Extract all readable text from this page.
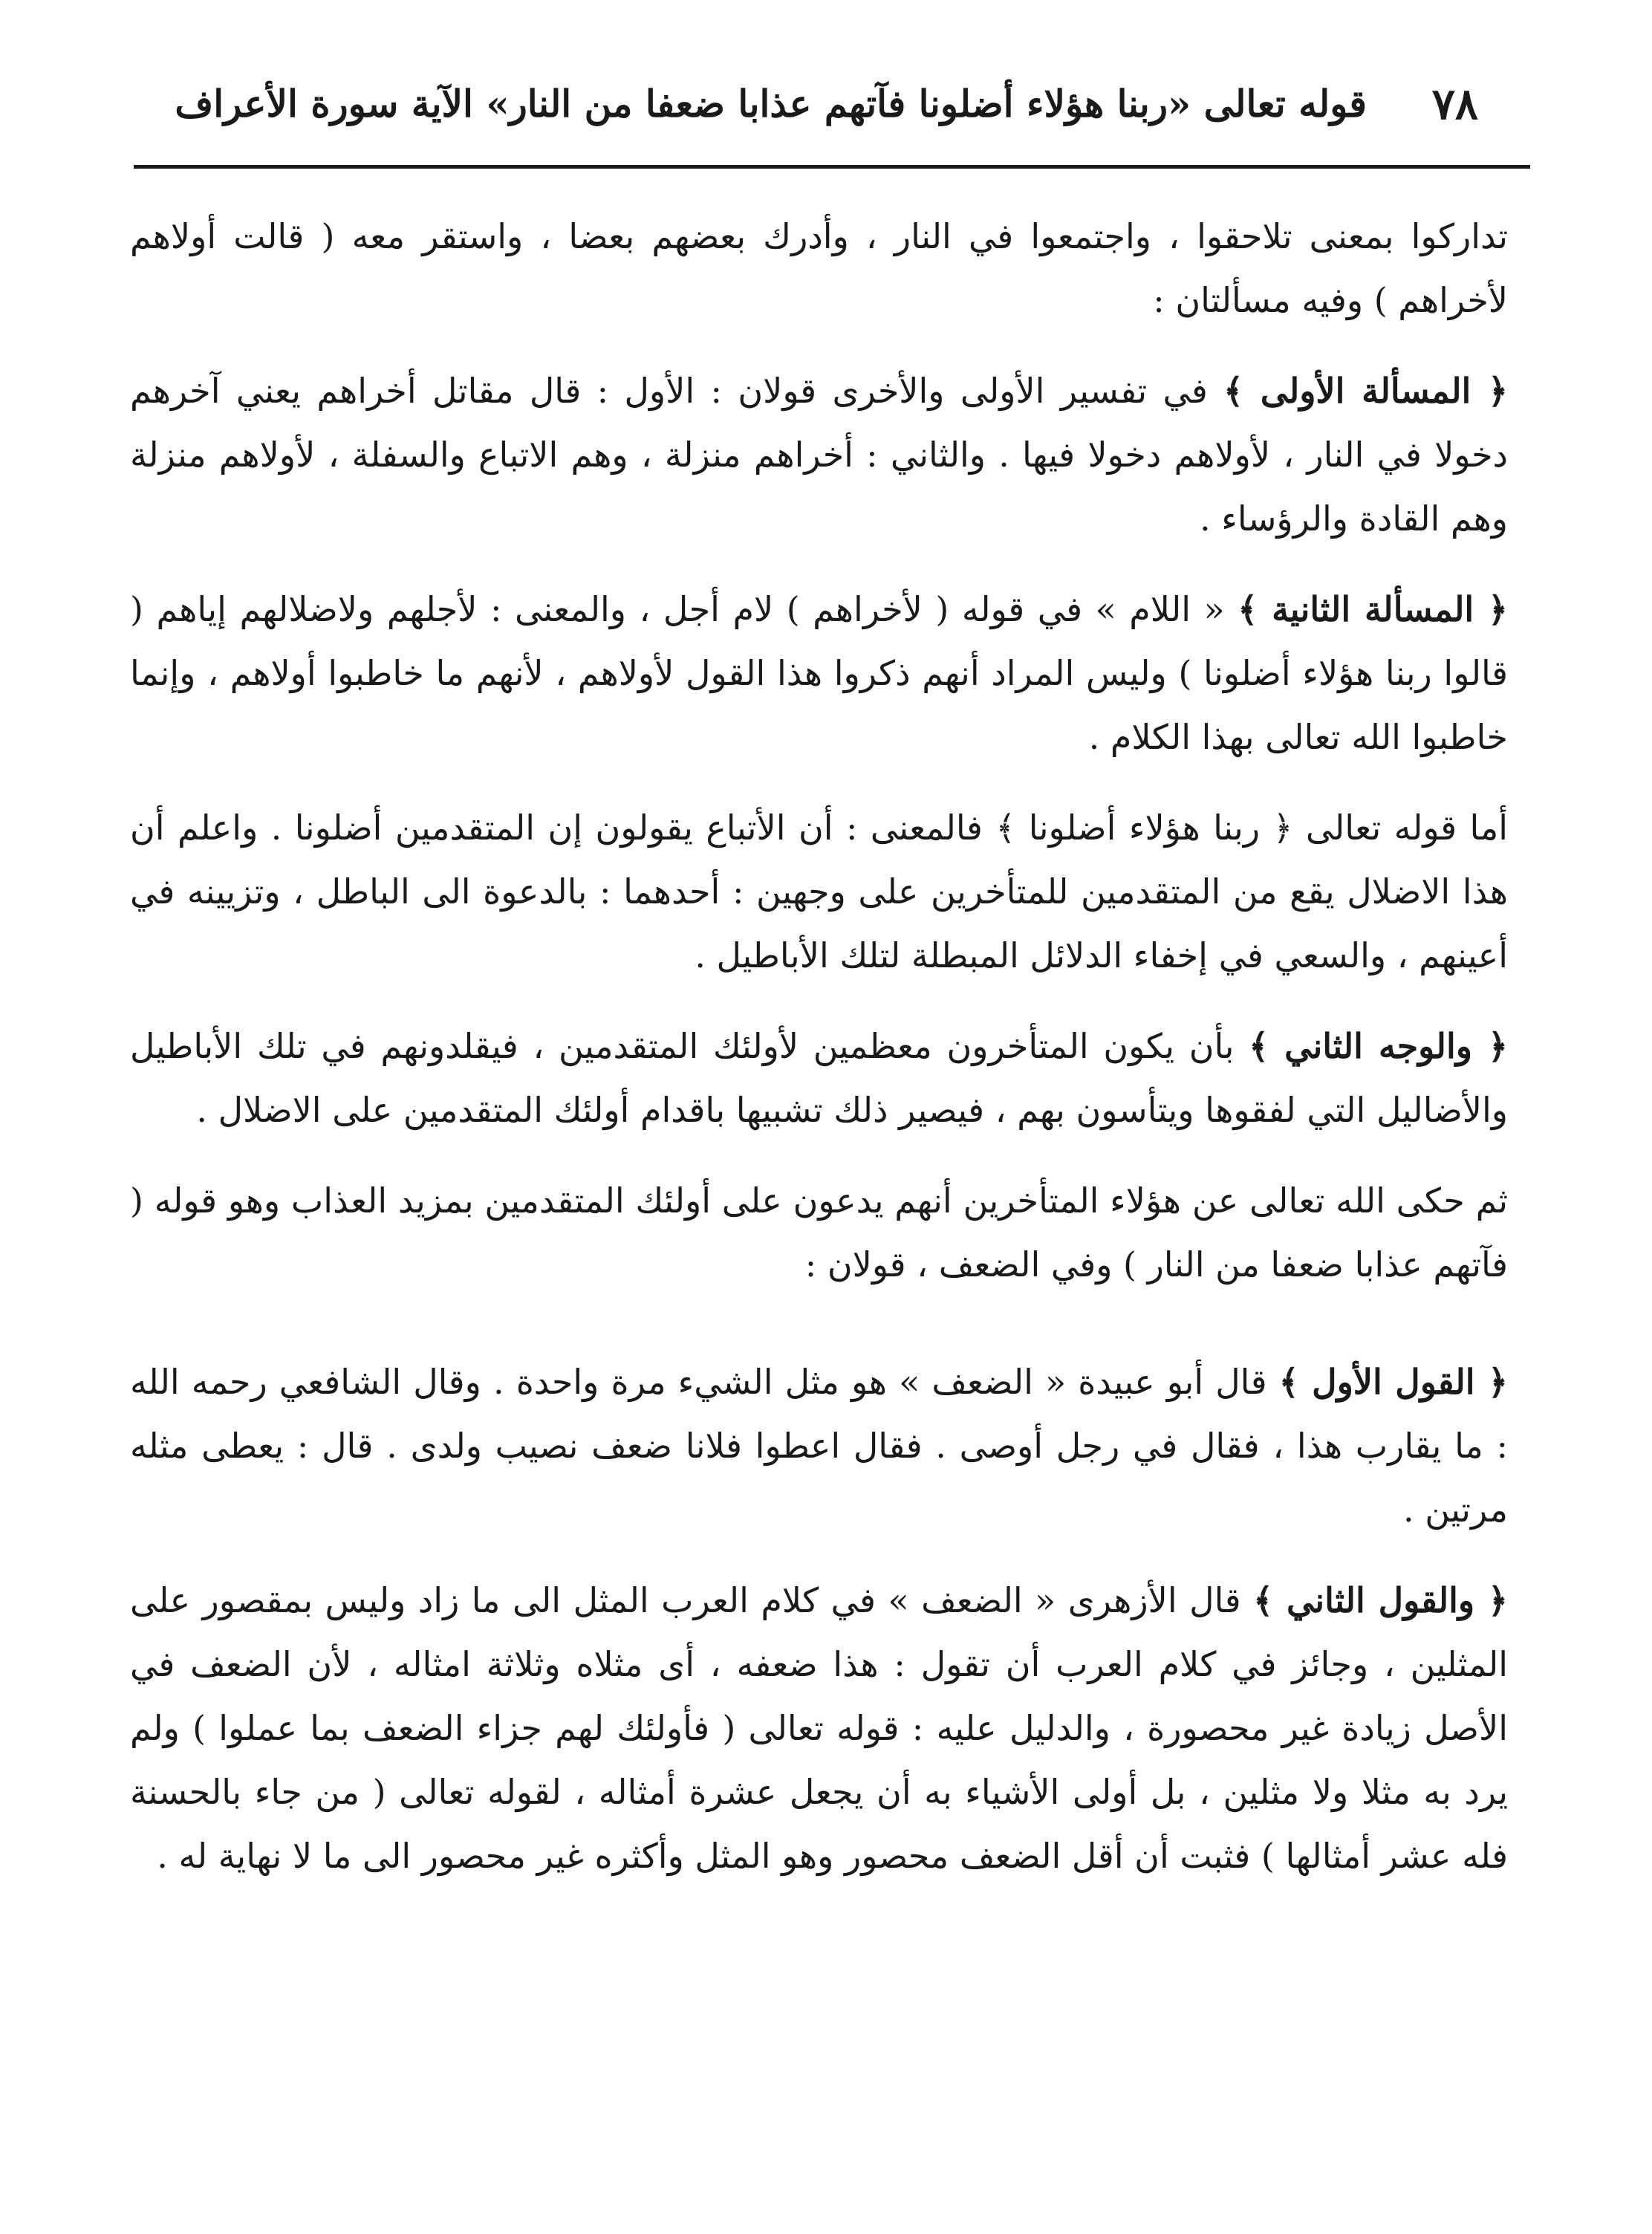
٧٨
قوله تعالى «ربنا هؤلاء أضلونا فآتهم عذابا ضعفا من النار» الآية سورة الأعراف

تداركوا بمعنى تلاحقوا ، واجتمعوا في النار ، وأدرك بعضهم بعضا ، واستقر معه ( قالت أولاهم لأخراهم ) وفيه مسألتان :

﴿ المسألة الأولى ﴾ في تفسير الأولى والأخرى قولان : الأول : قال مقاتل أخراهم يعني آخرهم دخولا في النار ، لأولاهم دخولا فيها . والثاني : أخراهم منزلة ، وهم الاتباع والسفلة ، لأولاهم منزلة وهم القادة والرؤساء .

﴿ المسألة الثانية ﴾ « اللام » في قوله ( لأخراهم ) لام أجل ، والمعنى : لأجلهم ولاضلالهم إياهم ( قالوا ربنا هؤلاء أضلونا ) وليس المراد أنهم ذكروا هذا القول لأولاهم ، لأنهم ما خاطبوا أولاهم ، وإنما خاطبوا الله تعالى بهذا الكلام .

أما قوله تعالى ﴿ ربنا هؤلاء أضلونا ﴾ فالمعنى : أن الأتباع يقولون إن المتقدمين أضلونا . واعلم أن هذا الاضلال يقع من المتقدمين للمتأخرين على وجهين : أحدهما : بالدعوة الى الباطل ، وتزيينه في أعينهم ، والسعي في إخفاء الدلائل المبطلة لتلك الأباطيل .

﴿ والوجه الثاني ﴾ بأن يكون المتأخرون معظمين لأولئك المتقدمين ، فيقلدونهم في تلك الأباطيل والأضاليل التي لفقوها ويتأسون بهم ، فيصير ذلك تشبيها باقدام أولئك المتقدمين على الاضلال .

ثم حكى الله تعالى عن هؤلاء المتأخرين أنهم يدعون على أولئك المتقدمين بمزيد العذاب وهو قوله ( فآتهم عذابا ضعفا من النار ) وفي الضعف ، قولان :

﴿ القول الأول ﴾ قال أبو عبيدة « الضعف » هو مثل الشيء مرة واحدة . وقال الشافعي رحمه الله : ما يقارب هذا ، فقال في رجل أوصى . فقال اعطوا فلانا ضعف نصيب ولدى . قال : يعطى مثله مرتين .

﴿ والقول الثاني ﴾ قال الأزهرى « الضعف » في كلام العرب المثل الى ما زاد وليس بمقصور على المثلين ، وجائز في كلام العرب أن تقول : هذا ضعفه ، أى مثلاه وثلاثة امثاله ، لأن الضعف في الأصل زيادة غير محصورة ، والدليل عليه : قوله تعالى ( فأولئك لهم جزاء الضعف بما عملوا ) ولم يرد به مثلا ولا مثلين ، بل أولى الأشياء به أن يجعل عشرة أمثاله ، لقوله تعالى ( من جاء بالحسنة فله عشر أمثالها ) فثبت أن أقل الضعف محصور وهو المثل وأكثره غير محصور الى ما لا نهاية له .
